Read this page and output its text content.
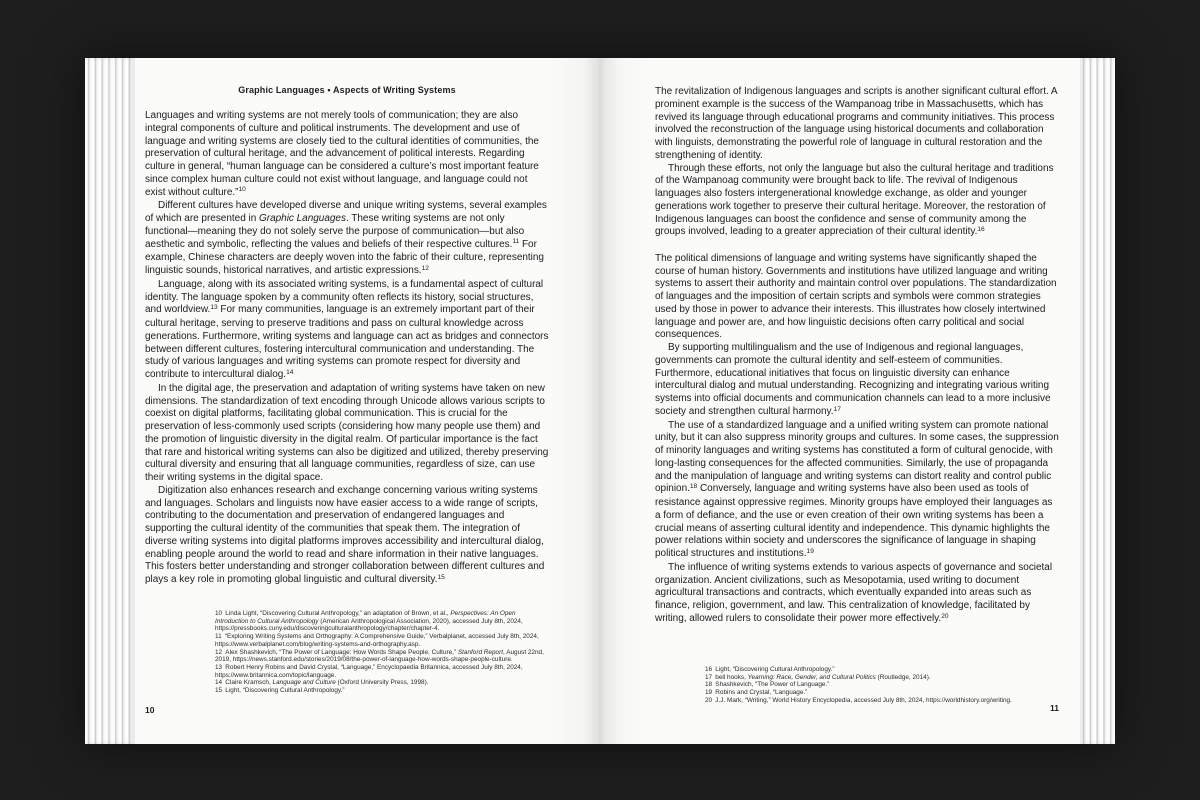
Graphic Languages • Aspects of Writing Systems

Languages and writing systems are not merely tools of communication; they are also integral components of culture and political instruments. The development and use of language and writing systems are closely tied to the cultural identities of communities, the preservation of cultural heritage, and the advancement of political interests. Regarding culture in general, “human language can be considered a culture’s most important feature since complex human culture could not exist without language, and language could not exist without culture.”$^{10}$

Different cultures have developed diverse and unique writing systems, several examples of which are presented in Graphic Languages. These writing systems are not only functional—meaning they do not solely serve the purpose of communication—but also aesthetic and symbolic, reflecting the values and beliefs of their respective cultures.$^{11}$ For example, Chinese characters are deeply woven into the fabric of their culture, representing linguistic sounds, historical narratives, and artistic expressions.$^{12}$

Language, along with its associated writing systems, is a fundamental aspect of cultural identity. The language spoken by a community often reflects its history, social structures, and worldview.$^{13}$ For many communities, language is an extremely important part of their cultural heritage, serving to preserve traditions and pass on cultural knowledge across generations. Furthermore, writing systems and language can act as bridges and connectors between different cultures, fostering intercultural communication and understanding. The study of various languages and writing systems can promote respect for diversity and contribute to intercultural dialog.$^{14}$

In the digital age, the preservation and adaptation of writing systems have taken on new dimensions. The standardization of text encoding through Unicode allows various scripts to coexist on digital platforms, facilitating global communication. This is crucial for the preservation of less-commonly used scripts (considering how many people use them) and the promotion of linguistic diversity in the digital realm. Of particular importance is the fact that rare and historical writing systems can also be digitized and utilized, thereby preserving cultural diversity and ensuring that all language communities, regardless of size, can use their writing systems in the digital space.

Digitization also enhances research and exchange concerning various writing systems and languages. Scholars and linguists now have easier access to a wide range of scripts, contributing to the documentation and preservation of endangered languages and supporting the cultural identity of the communities that speak them. The integration of diverse writing systems into digital platforms improves accessibility and intercultural dialog, enabling people around the world to read and share information in their native languages. This fosters better understanding and stronger collaboration between different cultures and plays a key role in promoting global linguistic and cultural diversity.$^{15}$

10 Linda Light, “Discovering Cultural Anthropology,” an adaptation of Brown, et al., Perspectives: An Open Introduction to Cultural Anthropology (American Anthropological Association, 2020), accessed July 8th, 2024, https://pressbooks.cuny.edu/discoveringculturalanthropology/chapter/chapter-4.

11 “Exploring Writing Systems and Orthography: A Comprehensive Guide,” Verbalplanet, accessed July 8th, 2024, https://www.verbalplanet.com/blog/writing-systems-and-orthography.asp.

12 Alex Shashkevich, “The Power of Language: How Words Shape People, Culture,” Stanford Report, August 22nd, 2019, https://news.stanford.edu/stories/2019/08/the-power-of-language-how-words-shape-people-culture.

13 Robert Henry Robins and David Crystal, “Language,” Encyclopaedia Britannica, accessed July 8th, 2024, https://www.britannica.com/topic/language.

14 Claire Kramsch, Language and Culture (Oxford University Press, 1998).

15 Light, “Discovering Cultural Anthropology.”

10

The revitalization of Indigenous languages and scripts is another significant cultural effort. A prominent example is the success of the Wampanoag tribe in Massachusetts, which has revived its language through educational programs and community initiatives. This process involved the reconstruction of the language using historical documents and collaboration with linguists, demonstrating the powerful role of language in cultural restoration and the strengthening of identity.

Through these efforts, not only the language but also the cultural heritage and traditions of the Wampanoag community were brought back to life. The revival of Indigenous languages also fosters intergenerational knowledge exchange, as older and younger generations work together to preserve their cultural heritage. Moreover, the restoration of Indigenous languages can boost the confidence and sense of community among the groups involved, leading to a greater appreciation of their cultural identity.$^{16}$

The political dimensions of language and writing systems have significantly shaped the course of human history. Governments and institutions have utilized language and writing systems to assert their authority and maintain control over populations. The standardization of languages and the imposition of certain scripts and symbols were common strategies used by those in power to advance their interests. This illustrates how closely intertwined language and power are, and how linguistic decisions often carry political and social consequences.

By supporting multilingualism and the use of Indigenous and regional languages, governments can promote the cultural identity and self-esteem of communities. Furthermore, educational initiatives that focus on linguistic diversity can enhance intercultural dialog and mutual understanding. Recognizing and integrating various writing systems into official documents and communication channels can lead to a more inclusive society and strengthen cultural harmony.$^{17}$

The use of a standardized language and a unified writing system can promote national unity, but it can also suppress minority groups and cultures. In some cases, the suppression of minority languages and writing systems has constituted a form of cultural genocide, with long-lasting consequences for the affected communities. Similarly, the use of propaganda and the manipulation of language and writing systems can distort reality and control public opinion.$^{18}$ Conversely, language and writing systems have also been used as tools of resistance against oppressive regimes. Minority groups have employed their languages as a form of defiance, and the use or even creation of their own writing systems has been a crucial means of asserting cultural identity and independence. This dynamic highlights the power relations within society and underscores the significance of language in shaping political structures and institutions.$^{19}$

The influence of writing systems extends to various aspects of governance and societal organization. Ancient civilizations, such as Mesopotamia, used writing to document agricultural transactions and contracts, which eventually expanded into areas such as finance, religion, government, and law. This centralization of knowledge, facilitated by writing, allowed rulers to consolidate their power more effectively.$^{20}$

16 Light, “Discovering Cultural Anthropology.”

17 bell hooks, Yearning: Race, Gender, and Cultural Politics (Routledge, 2014).

18 Shashkevich, “The Power of Language.”

19 Robins and Crystal, “Language.”

20 J.J. Mark, “Writing,” World History Encyclopedia, accessed July 8th, 2024, https://worldhistory.org/writing.

11
